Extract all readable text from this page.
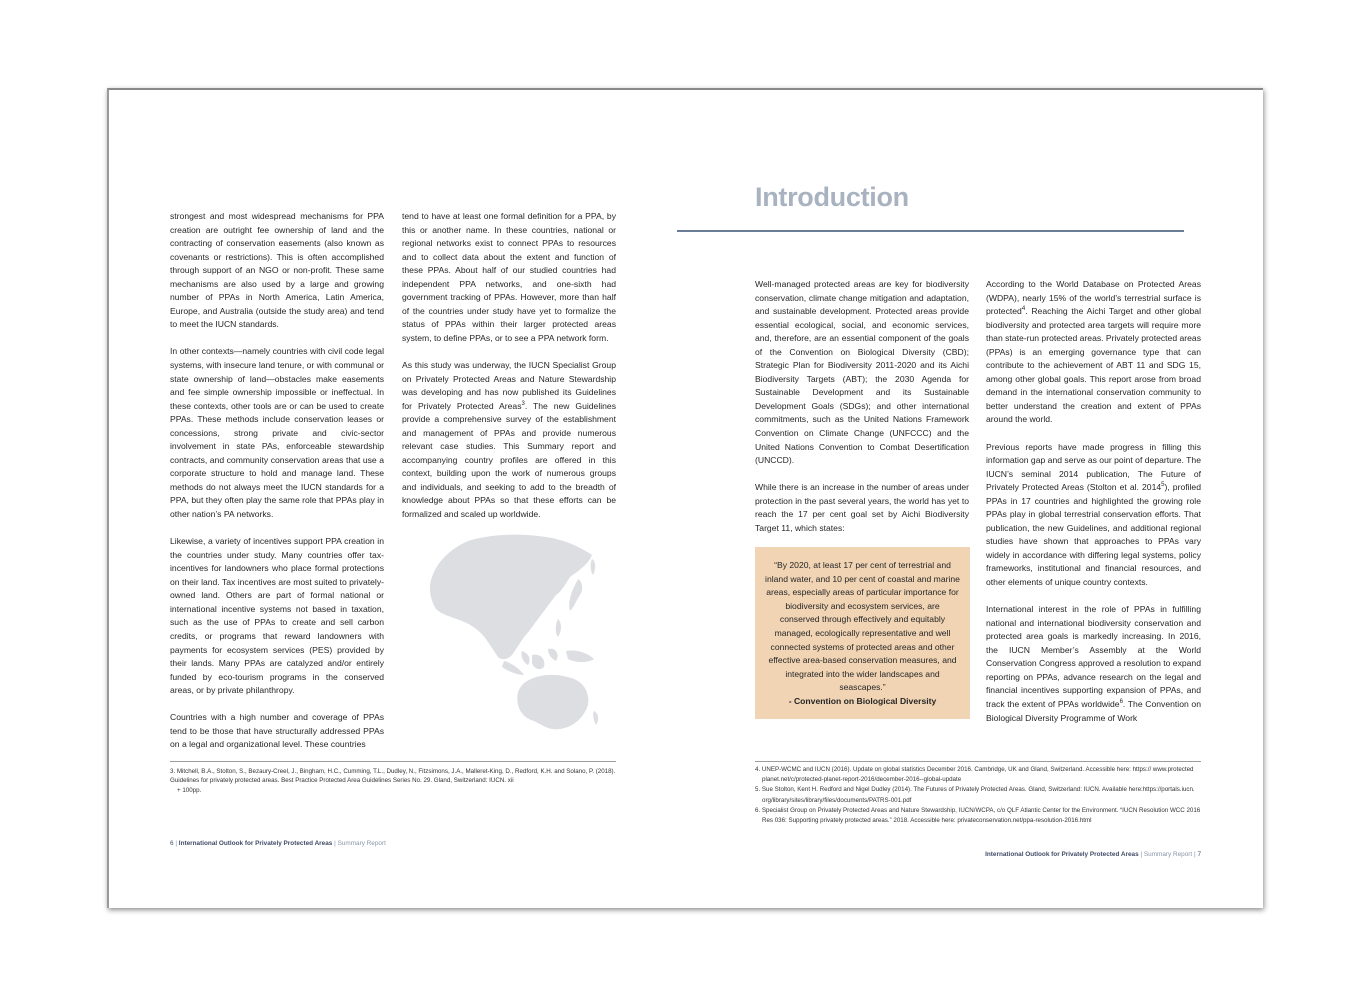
strongest and most widespread mechanisms for PPA creation are outright fee ownership of land and the contracting of conservation easements (also known as covenants or restrictions). This is often accomplished through support of an NGO or non-profit. These same mechanisms are also used by a large and growing number of PPAs in North America, Latin America, Europe, and Australia (outside the study area) and tend to meet the IUCN standards.

In other contexts—namely countries with civil code legal systems, with insecure land tenure, or with communal or state ownership of land—obstacles make easements and fee simple ownership impossible or ineffectual. In these contexts, other tools are or can be used to create PPAs. These methods include conservation leases or concessions, strong private and civic-sector involvement in state PAs, enforceable stewardship contracts, and community conservation areas that use a corporate structure to hold and manage land. These methods do not always meet the IUCN standards for a PPA, but they often play the same role that PPAs play in other nation’s PA networks.

Likewise, a variety of incentives support PPA creation in the countries under study. Many countries offer tax-incentives for landowners who place formal protections on their land. Tax incentives are most suited to privately-owned land. Others are part of formal national or international incentive systems not based in taxation, such as the use of PPAs to create and sell carbon credits, or programs that reward landowners with payments for ecosystem services (PES) provided by their lands. Many PPAs are catalyzed and/or entirely funded by eco-tourism programs in the conserved areas, or by private philanthropy.

Countries with a high number and coverage of PPAs tend to be those that have structurally addressed PPAs on a legal and organizational level. These countries

tend to have at least one formal definition for a PPA, by this or another name. In these countries, national or regional networks exist to connect PPAs to resources and to collect data about the extent and function of these PPAs. About half of our studied countries had independent PPA networks, and one-sixth had government tracking of PPAs. However, more than half of the countries under study have yet to formalize the status of PPAs within their larger protected areas system, to define PPAs, or to see a PPA network form.

As this study was underway, the IUCN Specialist Group on Privately Protected Areas and Nature Stewardship was developing and has now published its Guidelines for Privately Protected Areas$^3$. The new Guidelines provide a comprehensive survey of the establishment and management of PPAs and provide numerous relevant case studies. This Summary report and accompanying country profiles are offered in this context, building upon the work of numerous groups and individuals, and seeking to add to the breadth of knowledge about PPAs so that these efforts can be formalized and scaled up worldwide.

3. Mitchell, B.A., Stolton, S., Bezaury-Creel, J., Bingham, H.C., Cumming, T.L., Dudley, N., Fitzsimons, J.A., Malleret-King, D., Redford, K.H. and Solano, P. (2018). Guidelines for privately protected areas. Best Practice Protected Area Guidelines Series No. 29. Gland, Switzerland: IUCN. xii

+ 100pp.

6 | International Outlook for Privately Protected Areas | Summary Report
Introduction

Well-managed protected areas are key for biodiversity conservation, climate change mitigation and adaptation, and sustainable development. Protected areas provide essential ecological, social, and economic services, and, therefore, are an essential component of the goals of the Convention on Biological Diversity (CBD); Strategic Plan for Biodiversity 2011-2020 and its Aichi Biodiversity Targets (ABT); the 2030 Agenda for Sustainable Development and its Sustainable Development Goals (SDGs); and other international commitments, such as the United Nations Framework Convention on Climate Change (UNFCCC) and the United Nations Convention to Combat Desertification (UNCCD).

While there is an increase in the number of areas under protection in the past several years, the world has yet to reach the 17 per cent goal set by Aichi Biodiversity Target 11, which states:

“By 2020, at least 17 per cent of terrestrial and inland water, and 10 per cent of coastal and marine areas, especially areas of particular importance for biodiversity and ecosystem services, are conserved through effectively and equitably managed, ecologically representative and well connected systems of protected areas and other effective area-based conservation measures, and integrated into the wider landscapes and seascapes.”
- Convention on Biological Diversity

According to the World Database on Protected Areas (WDPA), nearly 15% of the world’s terrestrial surface is protected$^4$. Reaching the Aichi Target and other global biodiversity and protected area targets will require more than state-run protected areas. Privately protected areas (PPAs) is an emerging governance type that can contribute to the achievement of ABT 11 and SDG 15, among other global goals. This report arose from broad demand in the international conservation community to better understand the creation and extent of PPAs around the world.

Previous reports have made progress in filling this information gap and serve as our point of departure. The IUCN’s seminal 2014 publication, The Future of Privately Protected Areas (Stolton et al. 2014$^5$), profiled PPAs in 17 countries and highlighted the growing role PPAs play in global terrestrial conservation efforts. That publication, the new Guidelines, and additional regional studies have shown that approaches to PPAs vary widely in accordance with differing legal systems, policy frameworks, institutional and financial resources, and other elements of unique country contexts.

International interest in the role of PPAs in fulfilling national and international biodiversity conservation and protected area goals is markedly increasing. In 2016, the IUCN Member’s Assembly at the World Conservation Congress approved a resolution to expand reporting on PPAs, advance research on the legal and financial incentives supporting expansion of PPAs, and track the extent of PPAs worldwide$^6$. The Convention on Biological Diversity Programme of Work

4. UNEP-WCMC and IUCN (2016). Update on global statistics December 2016. Cambridge, UK and Gland, Switzerland. Accessible here: https:// www.protected

planet.net/c/protected-planet-report-2016/december-2016--global-update

5. Sue Stolton, Kent H. Redford and Nigel Dudley (2014). The Futures of Privately Protected Areas. Gland, Switzerland: IUCN. Available here:https://portals.iucn.

org/library/sites/library/files/documents/PATRS-001.pdf

6. Specialist Group on Privately Protected Areas and Nature Stewardship, IUCN/WCPA, c/o QLF Atlantic Center for the Environment. “IUCN Resolution WCC 2016

Res 036: Supporting privately protected areas.” 2018. Accessible here: privateconservation.net/ppa-resolution-2016.html

International Outlook for Privately Protected Areas | Summary Report | 7
